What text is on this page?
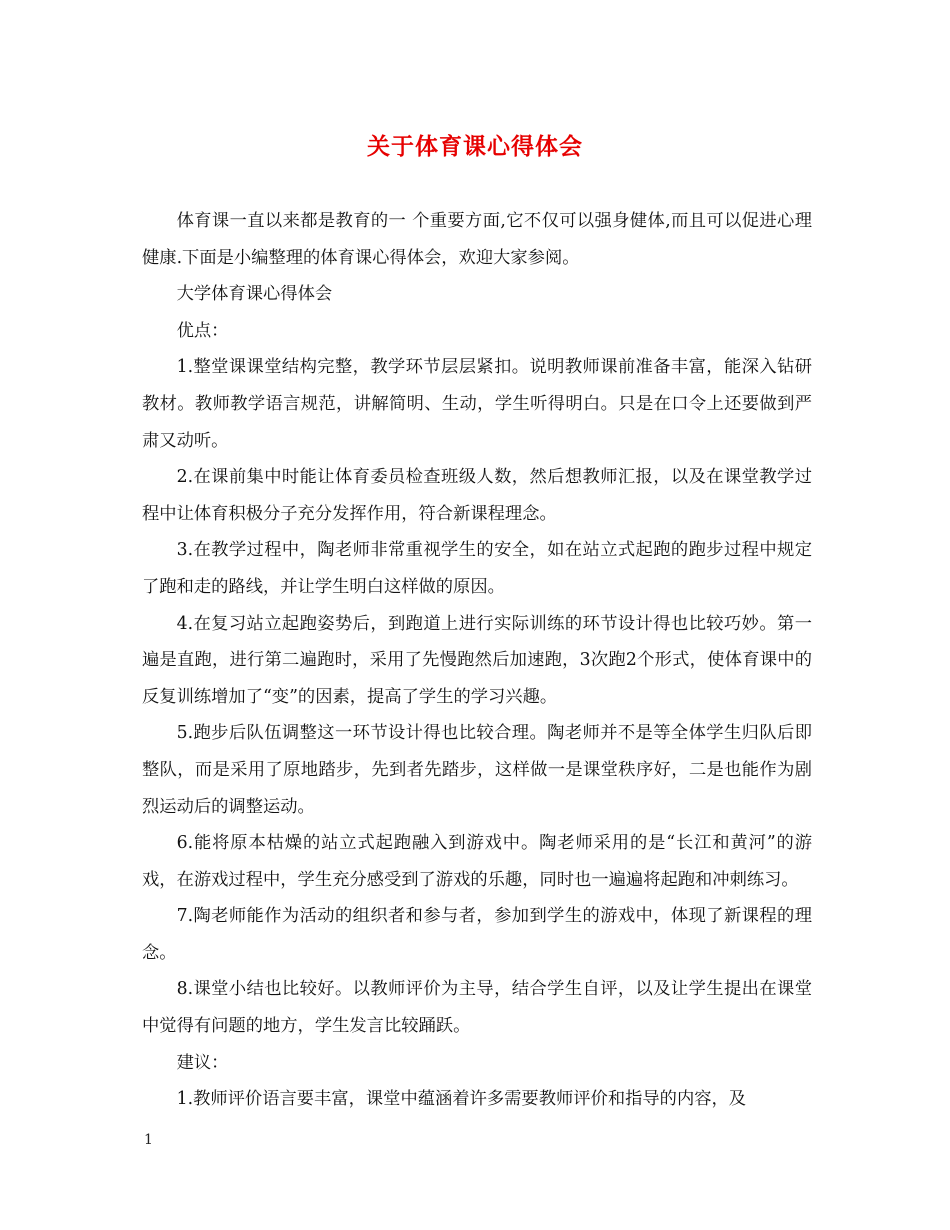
关于体育课心得体会

体育课一直以来都是教育的一 个重要方面,它不仅可以强身健体,而且可以促进心理健康.下面是小编整理的体育课心得体会，欢迎大家参阅。

大学体育课心得体会

优点：

1.整堂课课堂结构完整，教学环节层层紧扣。说明教师课前准备丰富，能深入钻研教材。教师教学语言规范，讲解简明、生动，学生听得明白。只是在口令上还要做到严肃又动听。

2.在课前集中时能让体育委员检查班级人数，然后想教师汇报，以及在课堂教学过程中让体育积极分子充分发挥作用，符合新课程理念。

3.在教学过程中，陶老师非常重视学生的安全，如在站立式起跑的跑步过程中规定了跑和走的路线，并让学生明白这样做的原因。

4.在复习站立起跑姿势后，到跑道上进行实际训练的环节设计得也比较巧妙。第一遍是直跑，进行第二遍跑时，采用了先慢跑然后加速跑，3次跑2个形式，使体育课中的反复训练增加了“变”的因素，提高了学生的学习兴趣。

5.跑步后队伍调整这一环节设计得也比较合理。陶老师并不是等全体学生归队后即整队，而是采用了原地踏步，先到者先踏步，这样做一是课堂秩序好，二是也能作为剧烈运动后的调整运动。

6.能将原本枯燥的站立式起跑融入到游戏中。陶老师采用的是“长江和黄河”的游戏，在游戏过程中，学生充分感受到了游戏的乐趣，同时也一遍遍将起跑和冲刺练习。

7.陶老师能作为活动的组织者和参与者，参加到学生的游戏中，体现了新课程的理念。

8.课堂小结也比较好。以教师评价为主导，结合学生自评，以及让学生提出在课堂中觉得有问题的地方，学生发言比较踊跃。

建议：

1.教师评价语言要丰富，课堂中蕴涵着许多需要教师评价和指导的内容，及

1
